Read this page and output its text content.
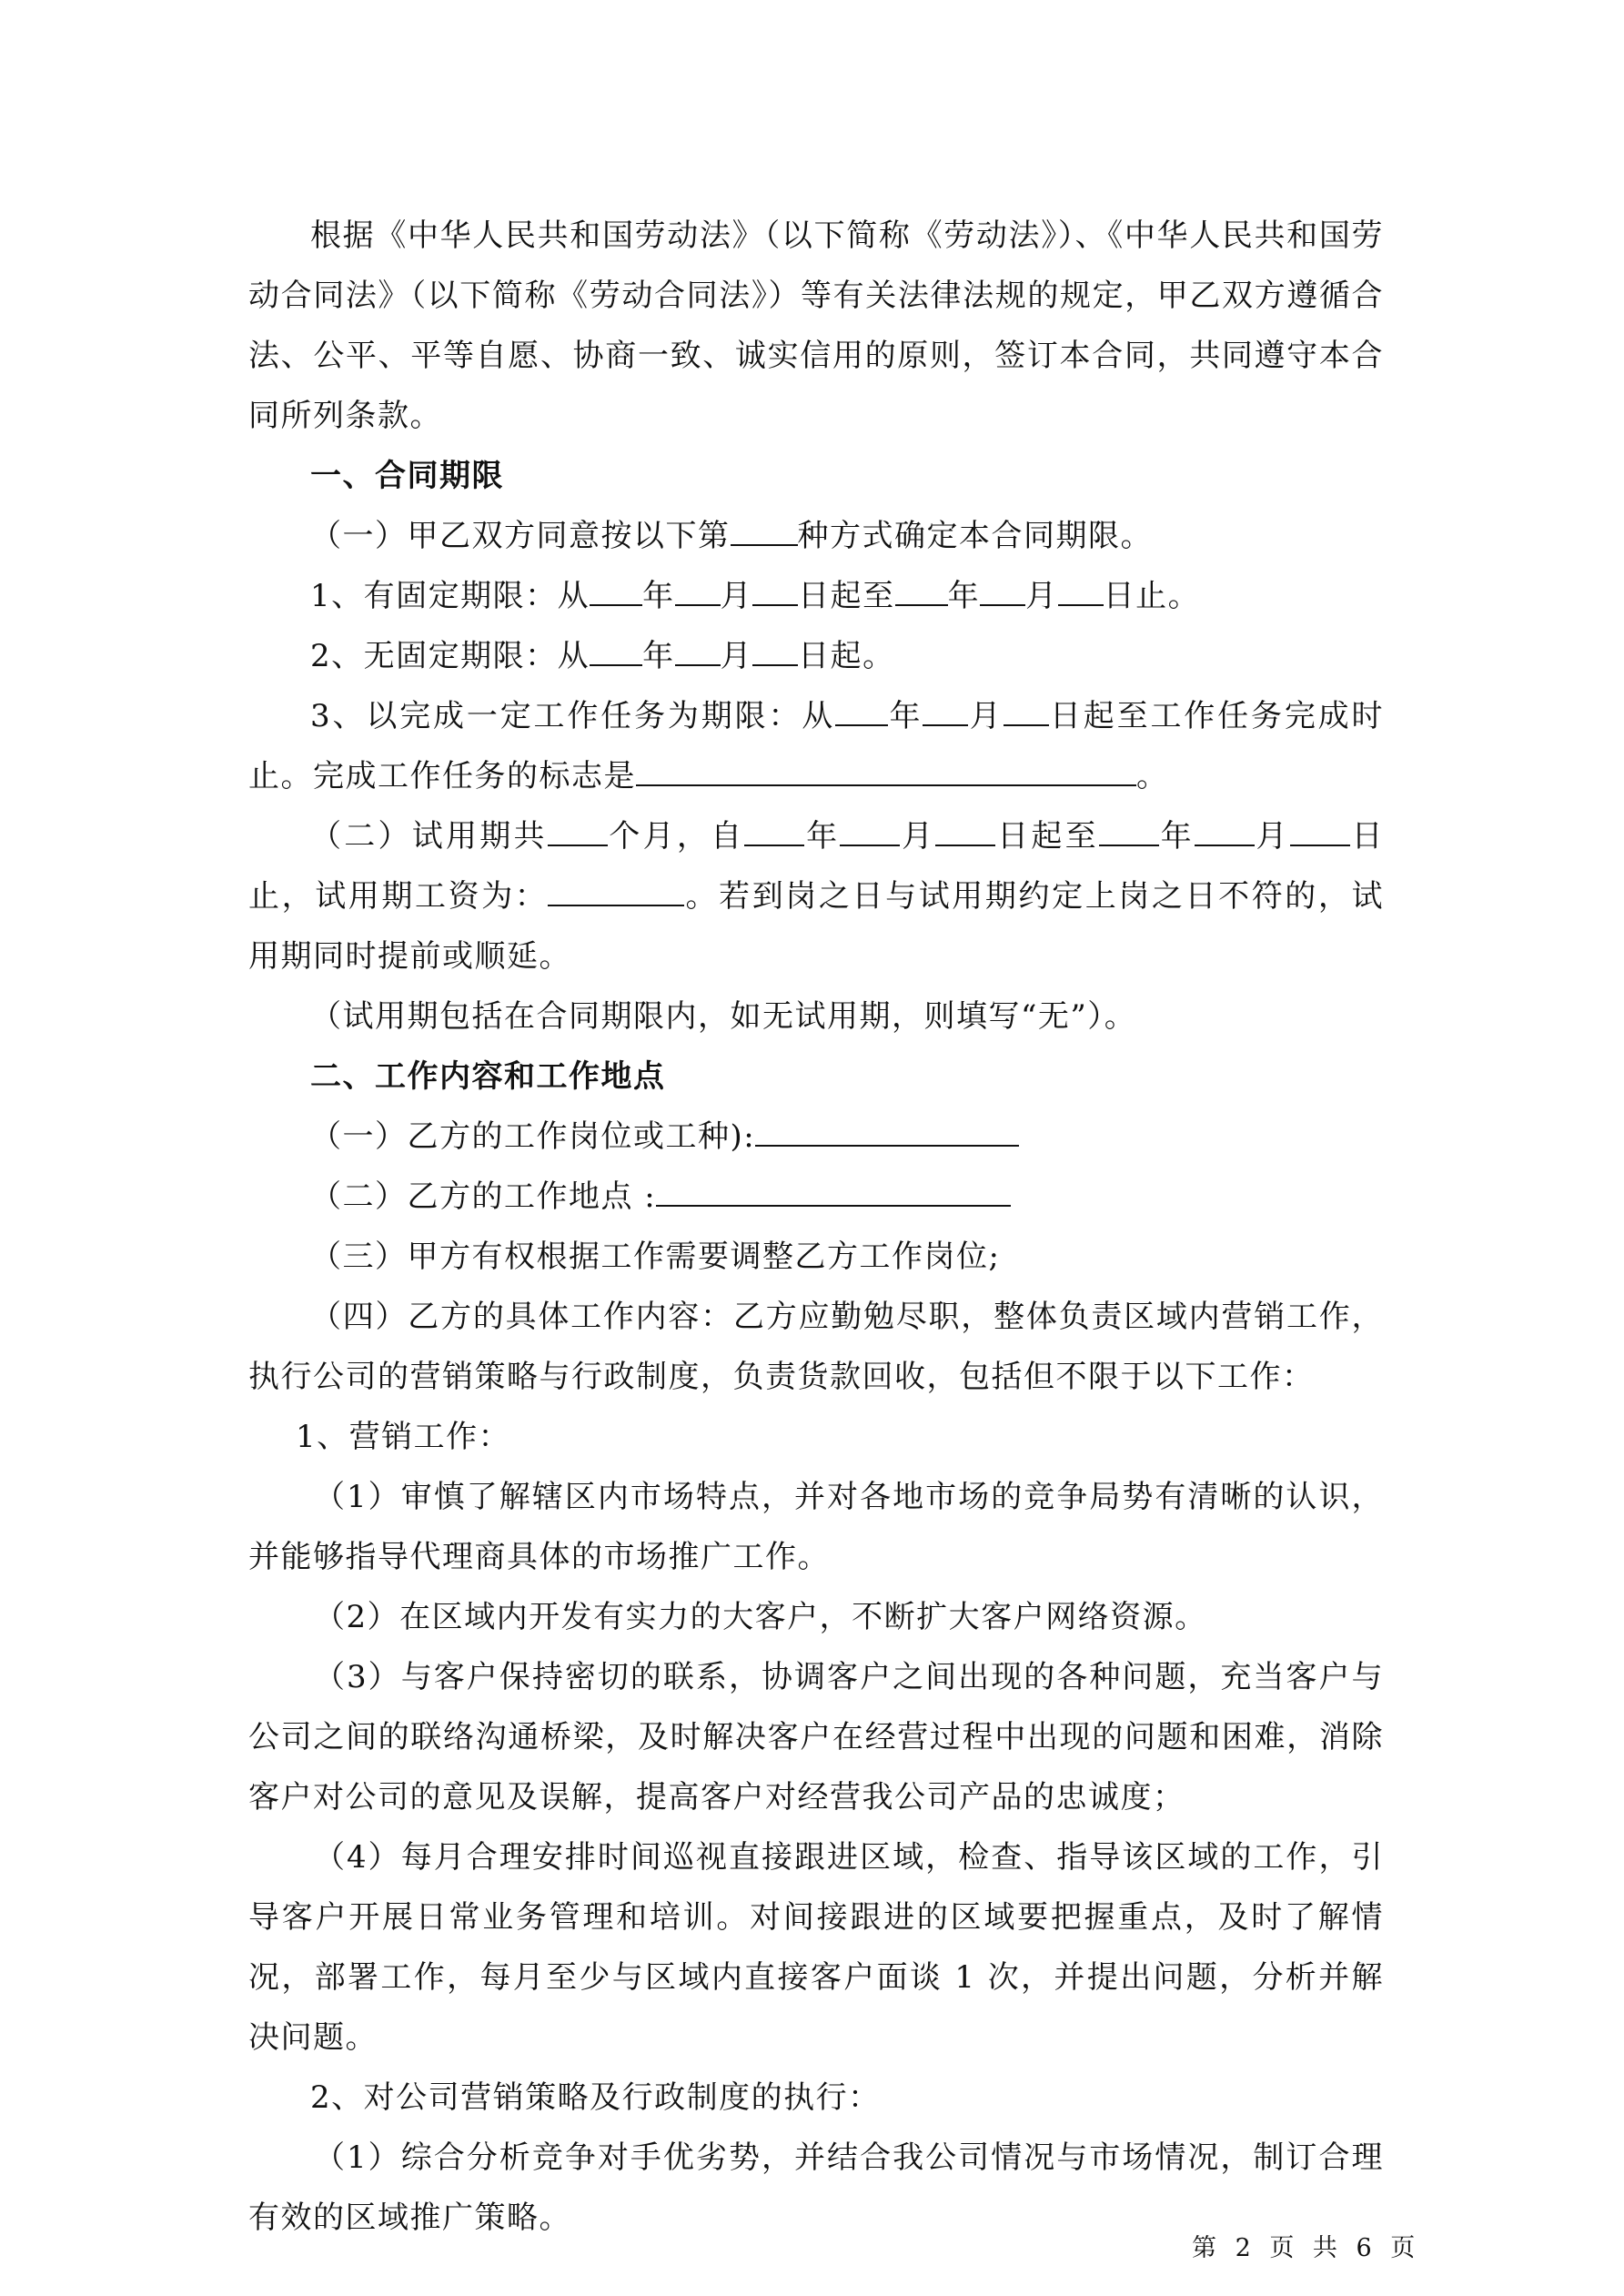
根据《中华人民共和国劳动法》（以下简称《劳动法》）、《中华人民共和国劳动合同法》（以下简称《劳动合同法》）等有关法律法规的规定，甲乙双方遵循合法、公平、平等自愿、协商一致、诚实信用的原则，签订本合同，共同遵守本合同所列条款。

一、合同期限

（一）甲乙双方同意按以下第 种方式确定本合同期限。

1、有固定期限：从 年 月 日起至 年 月 日止。

2、无固定期限：从 年 月 日起。

3、以完成一定工作任务为期限：从 年 月 日起至工作任务完成时止。完成工作任务的标志是	。

（二）试用期共 个月，自 年 月 日起至 年 月 日止，试用期工资为：	。若到岗之日与试用期约定上岗之日不符的，试用期同时提前或顺延。

（试用期包括在合同期限内，如无试用期，则填写“无”）。

二、工作内容和工作地点

（一）乙方的工作岗位或工种):

（二）乙方的工作地点 :

（三）甲方有权根据工作需要调整乙方工作岗位;

（四）乙方的具体工作内容：乙方应勤勉尽职，整体负责区域内营销工作，执行公司的营销策略与行政制度，负责货款回收，包括但不限于以下工作：

1、营销工作：

（1）审慎了解辖区内市场特点，并对各地市场的竞争局势有清晰的认识，并能够指导代理商具体的市场推广工作。

（2）在区域内开发有实力的大客户，不断扩大客户网络资源。

（3）与客户保持密切的联系，协调客户之间出现的各种问题，充当客户与公司之间的联络沟通桥梁，及时解决客户在经营过程中出现的问题和困难，消除客户对公司的意见及误解，提高客户对经营我公司产品的忠诚度；

（4）每月合理安排时间巡视直接跟进区域，检查、指导该区域的工作，引导客户开展日常业务管理和培训。对间接跟进的区域要把握重点，及时了解情况，部署工作，每月至少与区域内直接客户面谈 1 次，并提出问题，分析并解决问题。

2、对公司营销策略及行政制度的执行：

（1）综合分析竞争对手优劣势，并结合我公司情况与市场情况，制订合理有效的区域推广策略。

第 2 页 共 6 页
